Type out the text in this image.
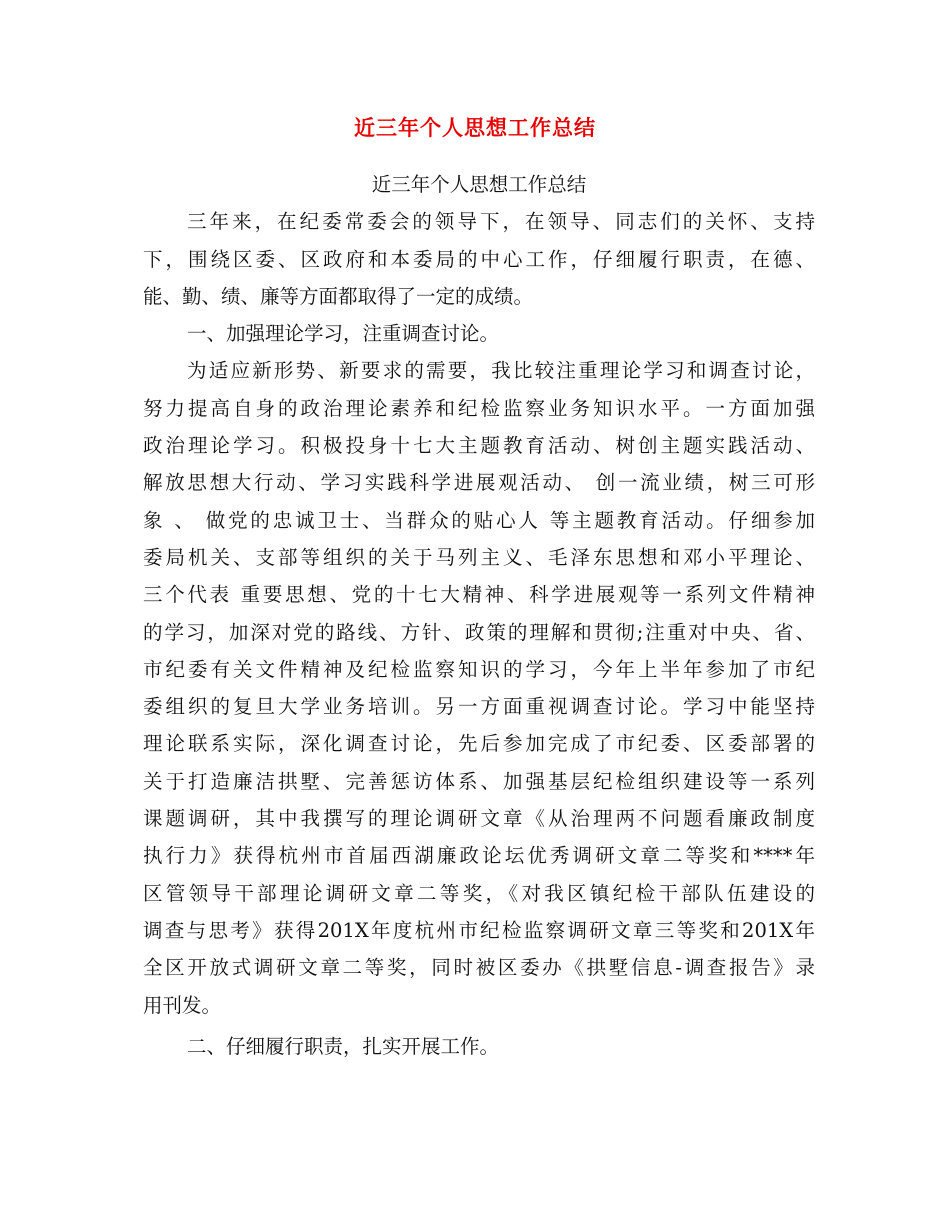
近三年个人思想工作总结
近三年个人思想工作总结
三年来，在纪委常委会的领导下，在领导、同志们的关怀、支持
下，围绕区委、区政府和本委局的中心工作，仔细履行职责，在德、
能、勤、绩、廉等方面都取得了一定的成绩。
一、加强理论学习，注重调查讨论。
为适应新形势、新要求的需要，我比较注重理论学习和调查讨论，
努力提高自身的政治理论素养和纪检监察业务知识水平。一方面加强
政治理论学习。积极投身十七大主题教育活动、树创主题实践活动、
解放思想大行动、学习实践科学进展观活动、 创一流业绩，树三可形
象 、 做党的忠诚卫士、当群众的贴心人 等主题教育活动。仔细参加
委局机关、支部等组织的关于马列主义、毛泽东思想和邓小平理论、
三个代表 重要思想、党的十七大精神、科学进展观等一系列文件精神
的学习，加深对党的路线、方针、政策的理解和贯彻;注重对中央、省、
市纪委有关文件精神及纪检监察知识的学习，今年上半年参加了市纪
委组织的复旦大学业务培训。另一方面重视调查讨论。学习中能坚持
理论联系实际，深化调查讨论，先后参加完成了市纪委、区委部署的
关于打造廉洁拱墅、完善惩访体系、加强基层纪检组织建设等一系列
课题调研，其中我撰写的理论调研文章《从治理两不问题看廉政制度
执行力》获得杭州市首届西湖廉政论坛优秀调研文章二等奖和****年
区管领导干部理论调研文章二等奖，《对我区镇纪检干部队伍建设的
调查与思考》获得201X年度杭州市纪检监察调研文章三等奖和201X年
全区开放式调研文章二等奖，同时被区委办《拱墅信息-调查报告》录
用刊发。
二、仔细履行职责，扎实开展工作。
